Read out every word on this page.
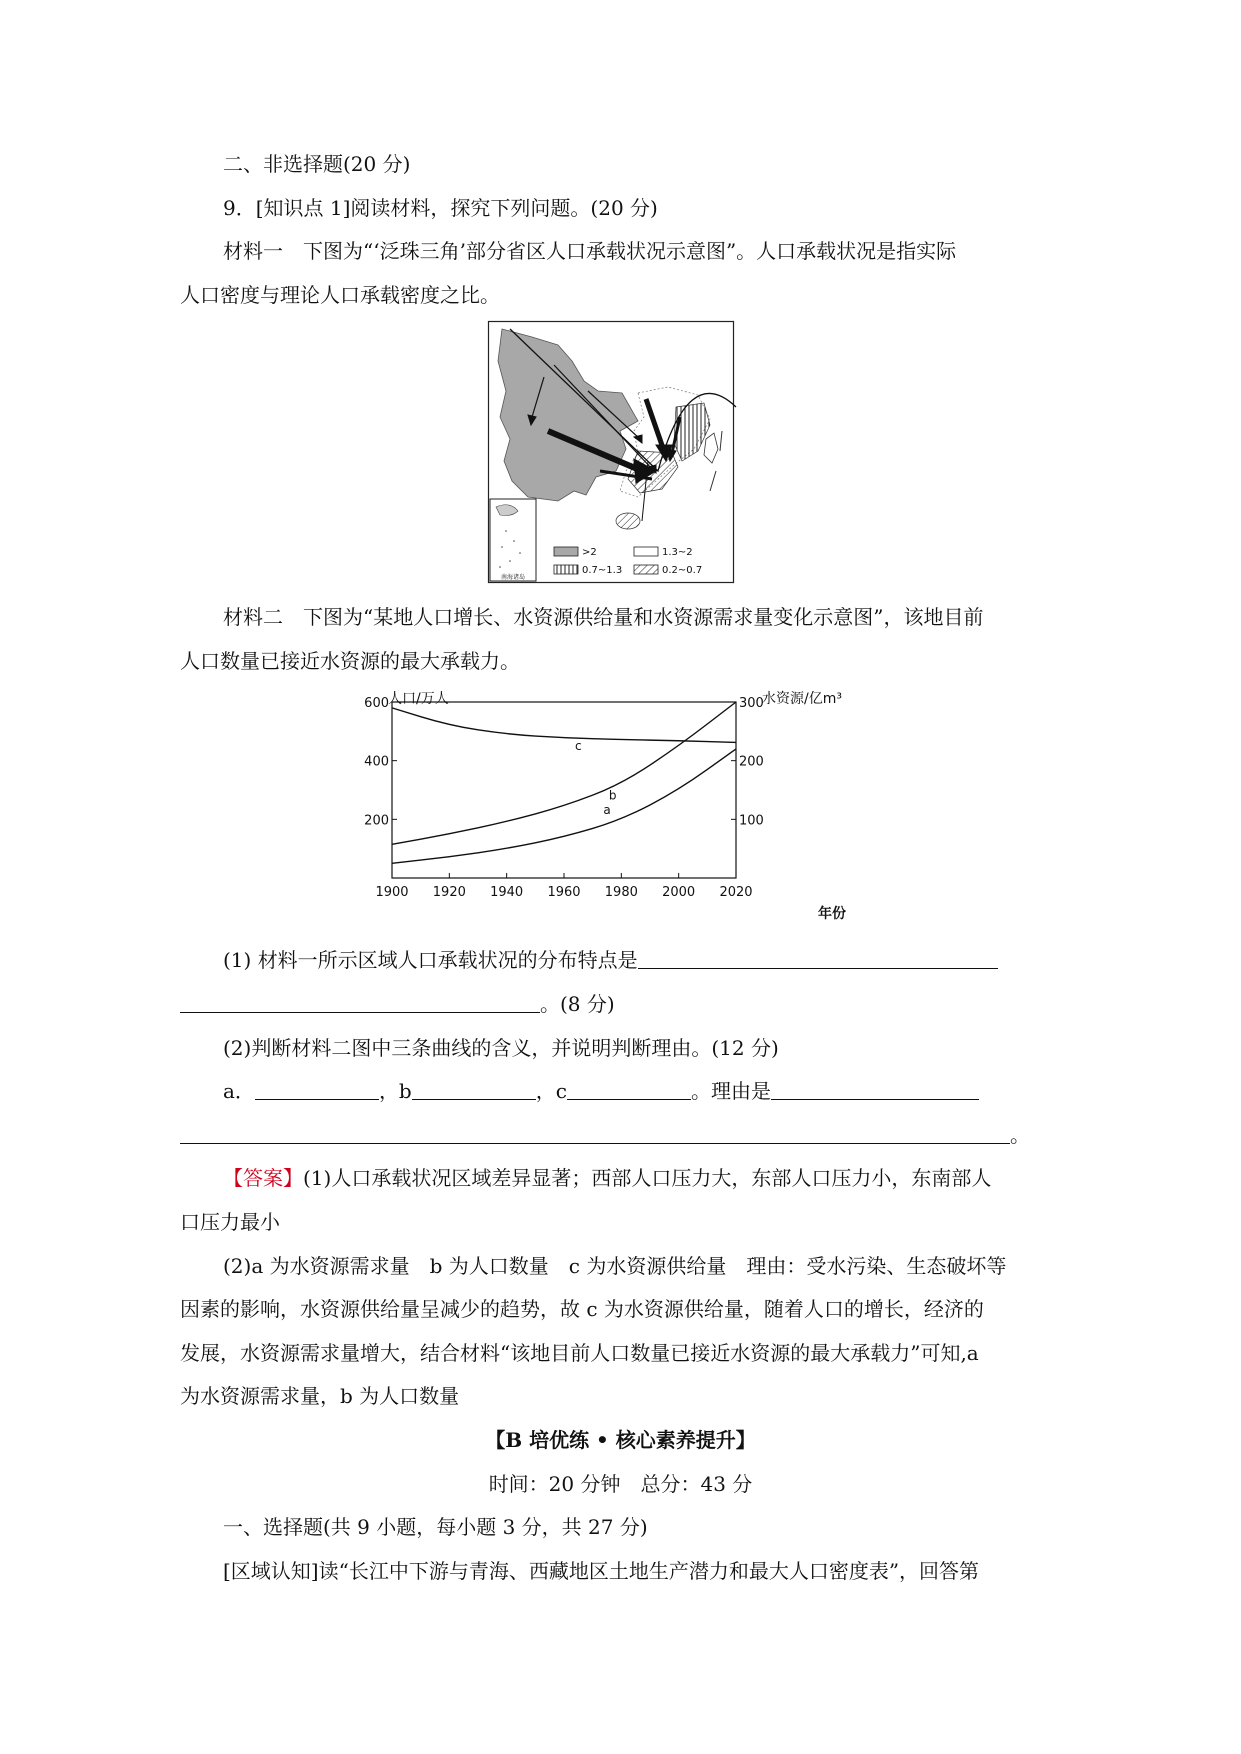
二、非选择题(20 分)
9．[知识点 1]阅读材料，探究下列问题。(20 分)
材料一　下图为“‘泛珠三角’部分省区人口承载状况示意图”。人口承载状况是指实际
人口密度与理论人口承载密度之比。
南海诸岛
>2	1.3~2
0.7~1.3	0.2~0.7
材料二　下图为“某地人口增长、水资源供给量和水资源需求量变化示意图”，该地目前
人口数量已接近水资源的最大承载力。
人口/万人	水资源/亿m³
年份
1900 1920 1940 1960 1980 2000 2020
200
400
600
100
200
300
a
b
c
(1) 材料一所示区域人口承载状况的分布特点是
。(8 分)
(2)判断材料二图中三条曲线的含义，并说明判断理由。(12 分)
a．	，b	，c	。理由是
。
【答案】(1)人口承载状况区域差异显著；西部人口压力大，东部人口压力小，东南部人
口压力最小
(2)a 为水资源需求量　b 为人口数量　c 为水资源供给量　理由：受水污染、生态破坏等
因素的影响，水资源供给量呈减少的趋势，故 c 为水资源供给量，随着人口的增长，经济的
发展，水资源需求量增大，结合材料“该地目前人口数量已接近水资源的最大承载力”可知,a
为水资源需求量，b 为人口数量
【B 培优练 • 核心素养提升】
时间：20 分钟　总分：43 分
一、选择题(共 9 小题，每小题 3 分，共 27 分)
[区域认知]读“长江中下游与青海、西藏地区土地生产潜力和最大人口密度表”，回答第
